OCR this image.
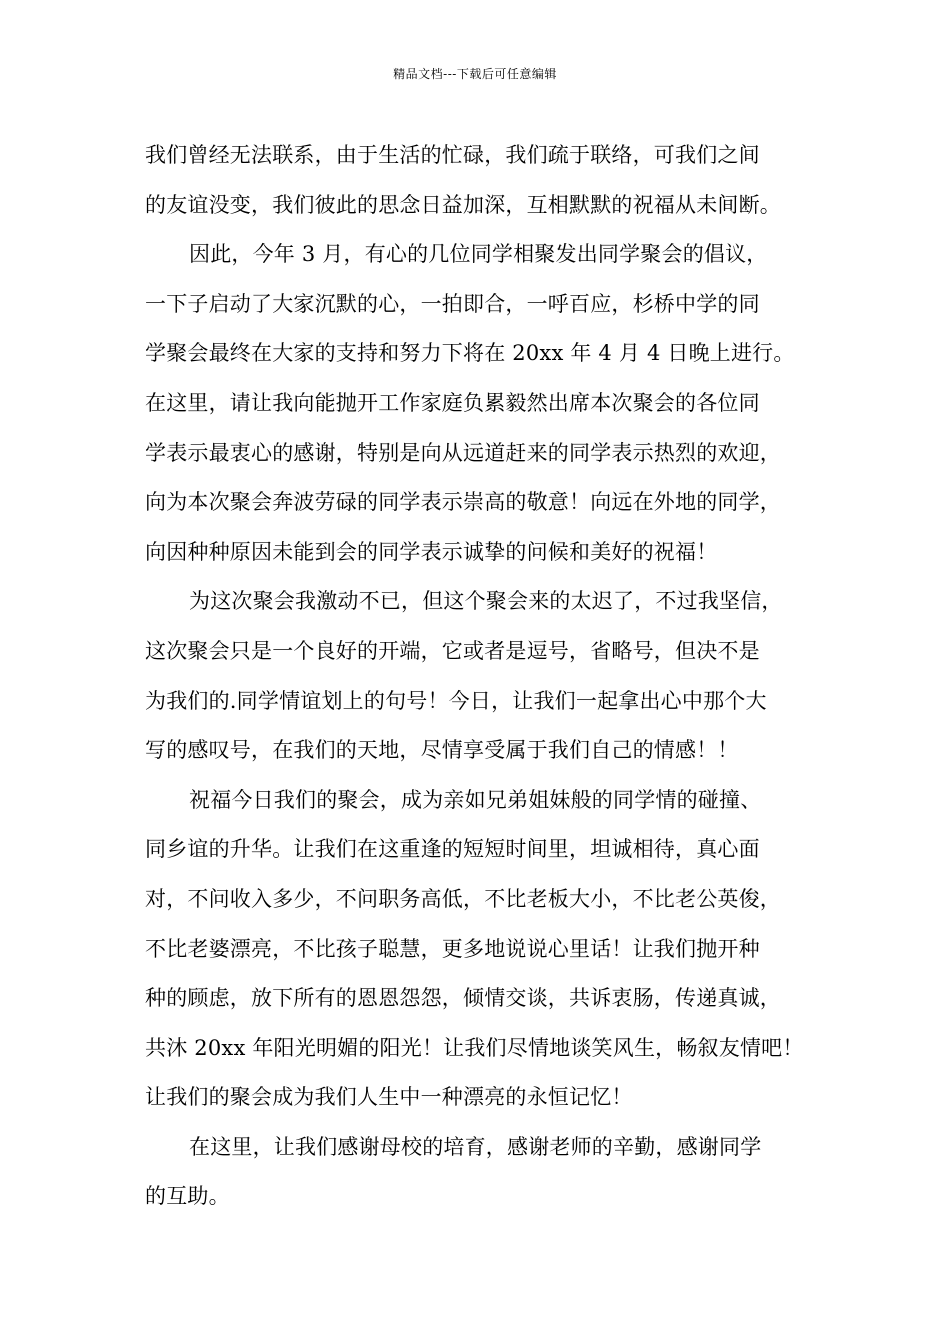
精品文档---下载后可任意编辑
我们曾经无法联系，由于生活的忙碌，我们疏于联络，可我们之间
的友谊没变，我们彼此的思念日益加深，互相默默的祝福从未间断。
因此，今年 3 月，有心的几位同学相聚发出同学聚会的倡议，
一下子启动了大家沉默的心，一拍即合，一呼百应，杉桥中学的同
学聚会最终在大家的支持和努力下将在 20xx 年 4 月 4 日晚上进行。
在这里，请让我向能抛开工作家庭负累毅然出席本次聚会的各位同
学表示最衷心的感谢，特别是向从远道赶来的同学表示热烈的欢迎，
向为本次聚会奔波劳碌的同学表示崇高的敬意！向远在外地的同学，
向因种种原因未能到会的同学表示诚挚的问候和美好的祝福！
为这次聚会我激动不已，但这个聚会来的太迟了，不过我坚信，
这次聚会只是一个良好的开端，它或者是逗号，省略号，但决不是
为我们的.同学情谊划上的句号！今日，让我们一起拿出心中那个大
写的感叹号，在我们的天地，尽情享受属于我们自己的情感！！
祝福今日我们的聚会，成为亲如兄弟姐妹般的同学情的碰撞、
同乡谊的升华。让我们在这重逢的短短时间里，坦诚相待，真心面
对，不问收入多少，不问职务高低，不比老板大小，不比老公英俊，
不比老婆漂亮，不比孩子聪慧，更多地说说心里话！让我们抛开种
种的顾虑，放下所有的恩恩怨怨，倾情交谈，共诉衷肠，传递真诚，
共沐 20xx 年阳光明媚的阳光！让我们尽情地谈笑风生，畅叙友情吧！
让我们的聚会成为我们人生中一种漂亮的永恒记忆！
在这里，让我们感谢母校的培育，感谢老师的辛勤，感谢同学
的互助。
